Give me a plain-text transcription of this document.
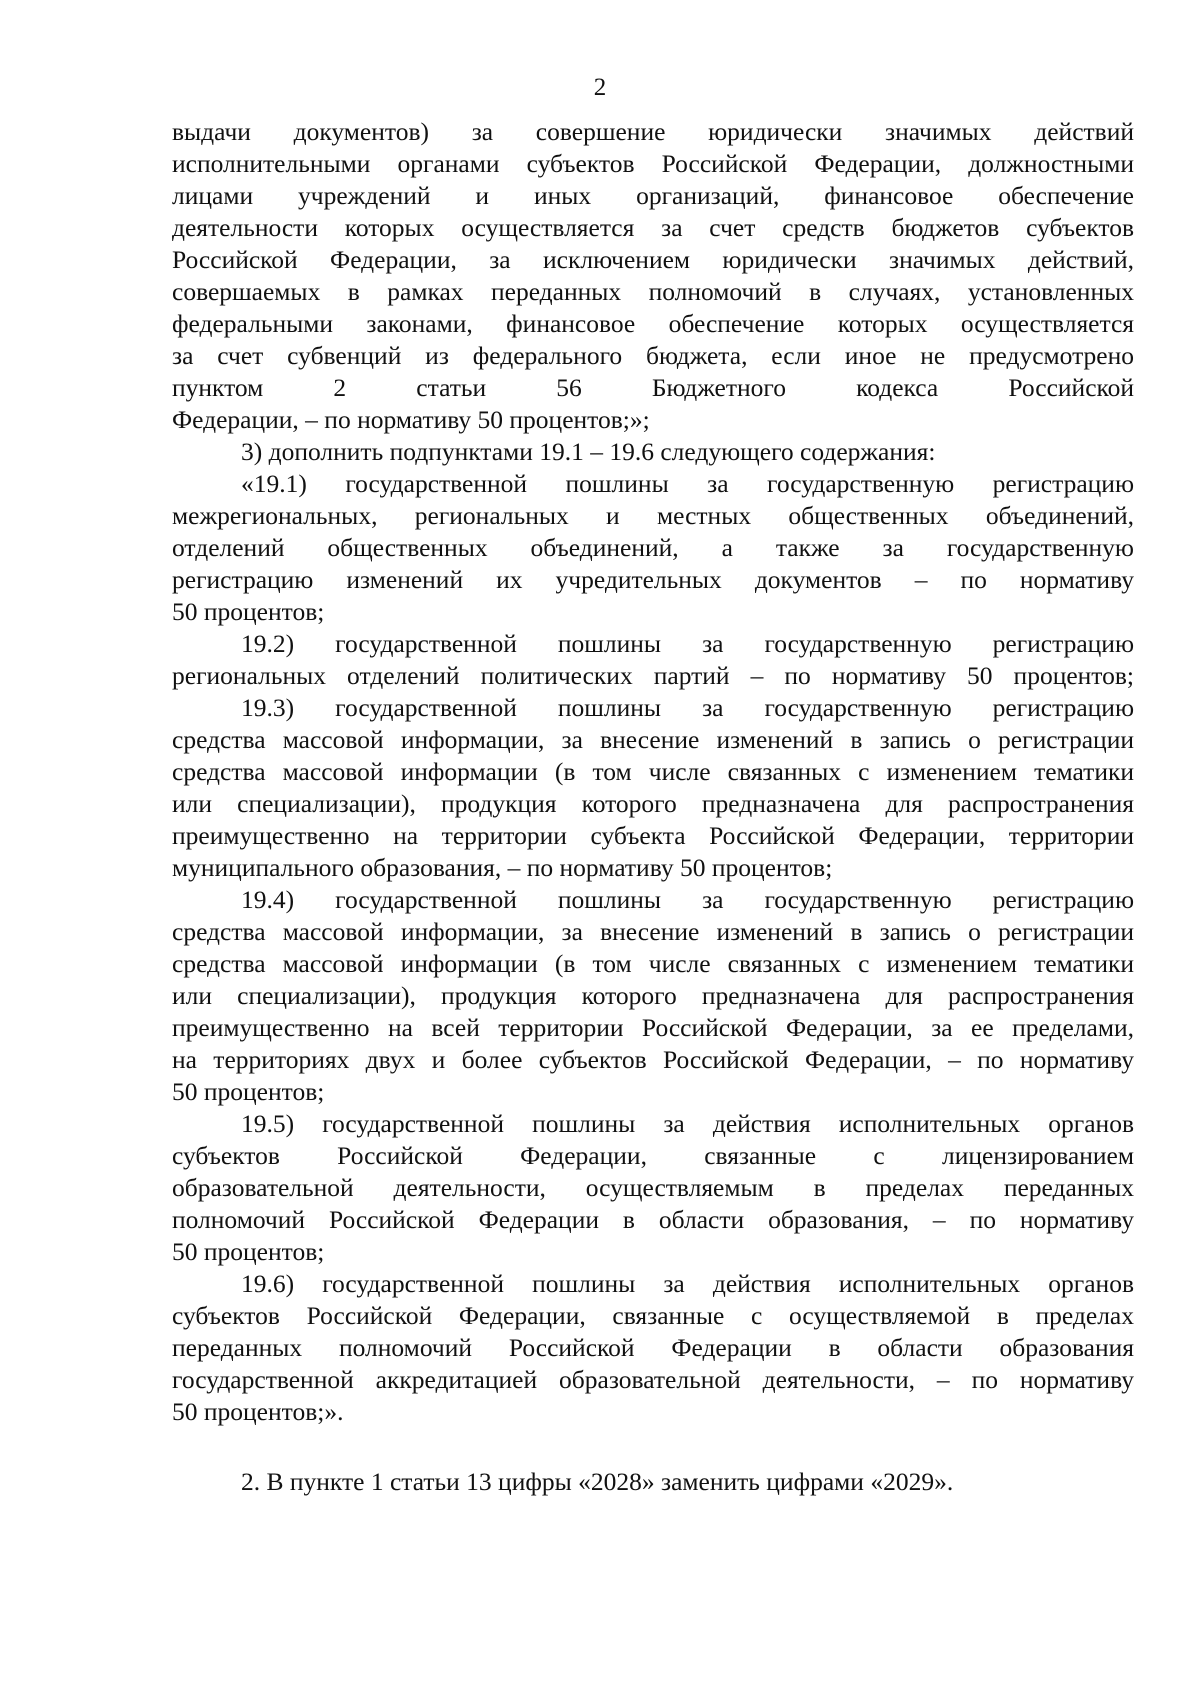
2
выдачи документов) за совершение юридически значимых действий
исполнительными органами субъектов Российской Федерации, должностными
лицами учреждений и иных организаций, финансовое обеспечение
деятельности которых осуществляется за счет средств бюджетов субъектов
Российской Федерации, за исключением юридически значимых действий,
совершаемых в рамках переданных полномочий в случаях, установленных
федеральными законами, финансовое обеспечение которых осуществляется
за счет субвенций из федерального бюджета, если иное не предусмотрено
пунктом 2 статьи 56 Бюджетного кодекса Российской
Федерации, – по нормативу 50 процентов;»;
3) дополнить подпунктами 19.1 – 19.6 следующего содержания:
«19.1) государственной пошлины за государственную регистрацию
межрегиональных, региональных и местных общественных объединений,
отделений общественных объединений, а также за государственную
регистрацию изменений их учредительных документов – по нормативу
50 процентов;
19.2) государственной пошлины за государственную регистрацию
региональных отделений политических партий – по нормативу 50 процентов;
19.3) государственной пошлины за государственную регистрацию
средства массовой информации, за внесение изменений в запись о регистрации
средства массовой информации (в том числе связанных с изменением тематики
или специализации), продукция которого предназначена для распространения
преимущественно на территории субъекта Российской Федерации, территории
муниципального образования, – по нормативу 50 процентов;
19.4) государственной пошлины за государственную регистрацию
средства массовой информации, за внесение изменений в запись о регистрации
средства массовой информации (в том числе связанных с изменением тематики
или специализации), продукция которого предназначена для распространения
преимущественно на всей территории Российской Федерации, за ее пределами,
на территориях двух и более субъектов Российской Федерации, – по нормативу
50 процентов;
19.5) государственной пошлины за действия исполнительных органов
субъектов Российской Федерации, связанные с лицензированием
образовательной деятельности, осуществляемым в пределах переданных
полномочий Российской Федерации в области образования, – по нормативу
50 процентов;
19.6) государственной пошлины за действия исполнительных органов
субъектов Российской Федерации, связанные с осуществляемой в пределах
переданных полномочий Российской Федерации в области образования
государственной аккредитацией образовательной деятельности, – по нормативу
50 процентов;».
2. В пункте 1 статьи 13 цифры «2028» заменить цифрами «2029».
